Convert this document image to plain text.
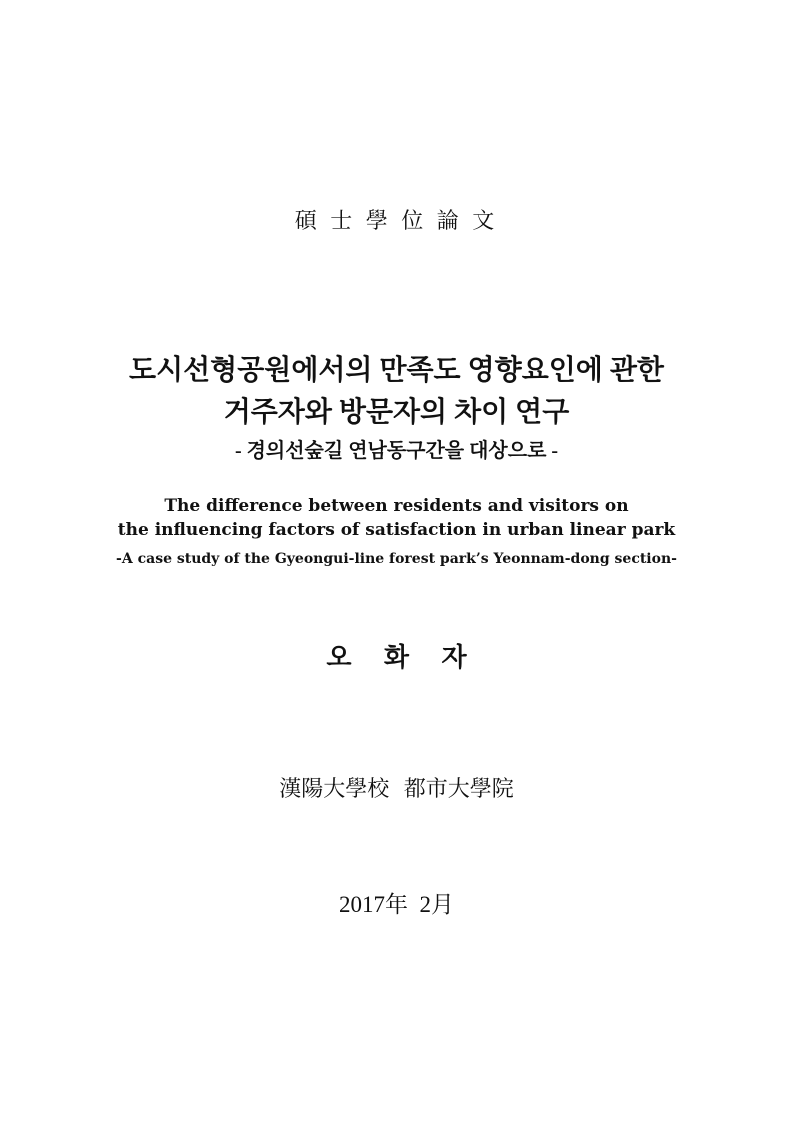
碩 士 學 位 論 文
도시선형공원에서의 만족도 영향요인에 관한
거주자와 방문자의 차이 연구
- 경의선숲길 연남동구간을 대상으로 -
The difference between residents and visitors on
the influencing factors of satisfaction in urban linear park
-A case study of the Gyeongui-line forest park’s Yeonnam-dong section-
오 화 자
漢陽大學校 都市大學院
2017年  2月
